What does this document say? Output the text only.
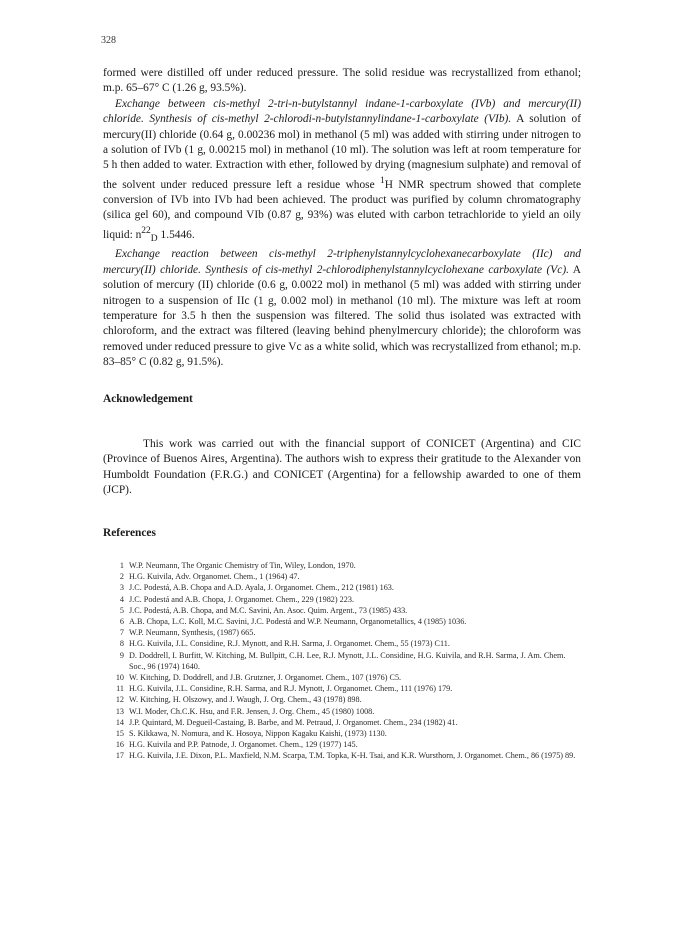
328

formed were distilled off under reduced pressure. The solid residue was recrystallized from ethanol; m.p. 65–67° C (1.26 g, 93.5%).

Exchange between cis-methyl 2-tri-n-butylstannyl indane-1-carboxylate (IVb) and mercury(II) chloride. Synthesis of cis-methyl 2-chlorodi-n-butylstannylindane-1-carboxylate (VIb). A solution of mercury(II) chloride (0.64 g, 0.00236 mol) in methanol (5 ml) was added with stirring under nitrogen to a solution of IVb (1 g, 0.00215 mol) in methanol (10 ml). The solution was left at room temperature for 5 h then added to water. Extraction with ether, followed by drying (magnesium sulphate) and removal of the solvent under reduced pressure left a residue whose $^1$H NMR spectrum showed that complete conversion of IVb into IVb had been achieved. The product was purified by column chromatography (silica gel 60), and compound VIb (0.87 g, 93%) was eluted with carbon tetrachloride to yield an oily liquid: $n^{22}_D$ 1.5446.

Exchange reaction between cis-methyl 2-triphenylstannylcyclohexanecarboxylate (IIc) and mercury(II) chloride. Synthesis of cis-methyl 2-chlorodiphenylstannylcyclohexane carboxylate (Vc). A solution of mercury (II) chloride (0.6 g, 0.0022 mol) in methanol (5 ml) was added with stirring under nitrogen to a suspension of IIc (1 g, 0.002 mol) in methanol (10 ml). The mixture was left at room temperature for 3.5 h then the suspension was filtered. The solid thus isolated was extracted with chloroform, and the extract was filtered (leaving behind phenylmercury chloride); the chloroform was removed under reduced pressure to give Vc as a white solid, which was recrystallized from ethanol; m.p. 83–85° C (0.82 g, 91.5%).

Acknowledgement

This work was carried out with the financial support of CONICET (Argentina) and CIC (Province of Buenos Aires, Argentina). The authors wish to express their gratitude to the Alexander von Humboldt Foundation (F.R.G.) and CONICET (Argentina) for a fellowship awarded to one of them (JCP).

References
1 W.P. Neumann, The Organic Chemistry of Tin, Wiley, London, 1970.
2 H.G. Kuivila, Adv. Organomet. Chem., 1 (1964) 47.
3 J.C. Podestá, A.B. Chopa and A.D. Ayala, J. Organomet. Chem., 212 (1981) 163.
4 J.C. Podestá and A.B. Chopa, J. Organomet. Chem., 229 (1982) 223.
5 J.C. Podestá, A.B. Chopa, and M.C. Savini, An. Asoc. Quim. Argent., 73 (1985) 433.
6 A.B. Chopa, L.C. Koll, M.C. Savini, J.C. Podestá and W.P. Neumann, Organometallics, 4 (1985) 1036.
7 W.P. Neumann, Synthesis, (1987) 665.
8 H.G. Kuivila, J.L. Considine, R.J. Mynott, and R.H. Sarma, J. Organomet. Chem., 55 (1973) C11.
9 D. Doddrell, I. Burfitt, W. Kitching, M. Bullpitt, C.H. Lee, R.J. Mynott, J.L. Considine, H.G. Kuivila, and R.H. Sarma, J. Am. Chem. Soc., 96 (1974) 1640.
10 W. Kitching, D. Doddrell, and J.B. Grutzner, J. Organomet. Chem., 107 (1976) C5.
11 H.G. Kuivila, J.L. Considine, R.H. Sarma, and R.J. Mynott, J. Organomet. Chem., 111 (1976) 179.
12 W. Kitching, H. Olszowy, and J. Waugh, J. Org. Chem., 43 (1978) 898.
13 W.I. Moder, Ch.C.K. Hsu, and F.R. Jensen, J. Org. Chem., 45 (1980) 1008.
14 J.P. Quintard, M. Degueil-Castaing, B. Barbe, and M. Petraud, J. Organomet. Chem., 234 (1982) 41.
15 S. Kikkawa, N. Nomura, and K. Hosoya, Nippon Kagaku Kaishi, (1973) 1130.
16 H.G. Kuivila and P.P. Patnode, J. Organomet. Chem., 129 (1977) 145.
17 H.G. Kuivila, J.E. Dixon, P.L. Maxfield, N.M. Scarpa, T.M. Topka, K-H. Tsai, and K.R. Wursthorn, J. Organomet. Chem., 86 (1975) 89.
